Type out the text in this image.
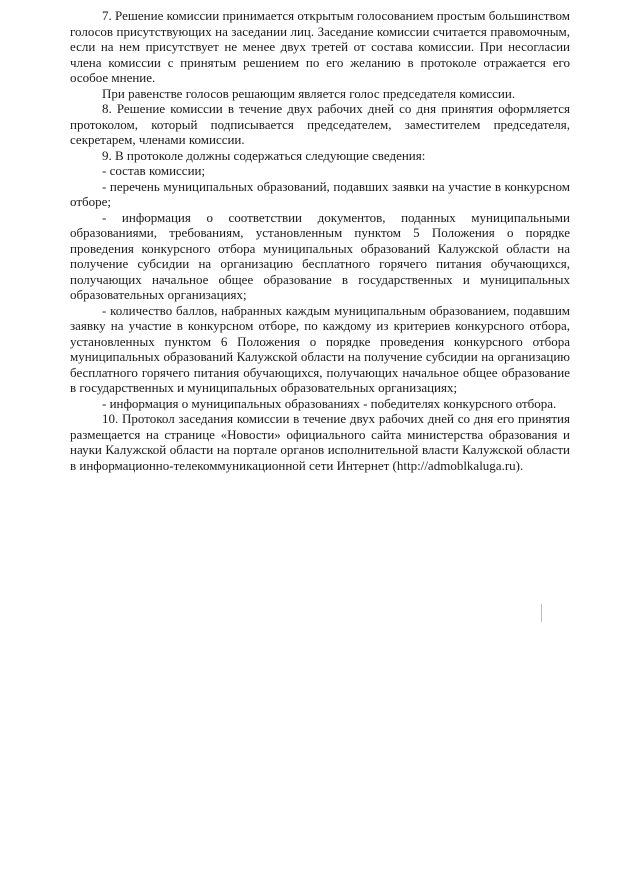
7. Решение комиссии принимается открытым голосованием простым большинством голосов присутствующих на заседании лиц. Заседание комиссии считается правомочным, если на нем присутствует не менее двух третей от состава комиссии. При несогласии члена комиссии с принятым решением по его желанию в протоколе отражается его особое мнение.

При равенстве голосов решающим является голос председателя комиссии.

8. Решение комиссии в течение двух рабочих дней со дня принятия оформляется протоколом, который подписывается председателем, заместителем председателя, секретарем, членами комиссии.

9. В протоколе должны содержаться следующие сведения:

- состав комиссии;

- перечень муниципальных образований, подавших заявки на участие в конкурсном отборе;

- информация о соответствии документов, поданных муниципальными образованиями, требованиям, установленным пунктом 5 Положения о порядке проведения конкурсного отбора муниципальных образований Калужской области на получение субсидии на организацию бесплатного горячего питания обучающихся, получающих начальное общее образование в государственных и муниципальных образовательных организациях;

- количество баллов, набранных каждым муниципальным образованием, подавшим заявку на участие в конкурсном отборе, по каждому из критериев конкурсного отбора, установленных пунктом 6 Положения о порядке проведения конкурсного отбора муниципальных образований Калужской области на получение субсидии на организацию бесплатного горячего питания обучающихся, получающих начальное общее образование в государственных и муниципальных образовательных организациях;

- информация о муниципальных образованиях - победителях конкурсного отбора.

10. Протокол заседания комиссии в течение двух рабочих дней со дня его принятия размещается на странице «Новости» официального сайта министерства образования и науки Калужской области на портале органов исполнительной власти Калужской области в информационно-телекоммуникационной сети Интернет (http://admoblkaluga.ru).
